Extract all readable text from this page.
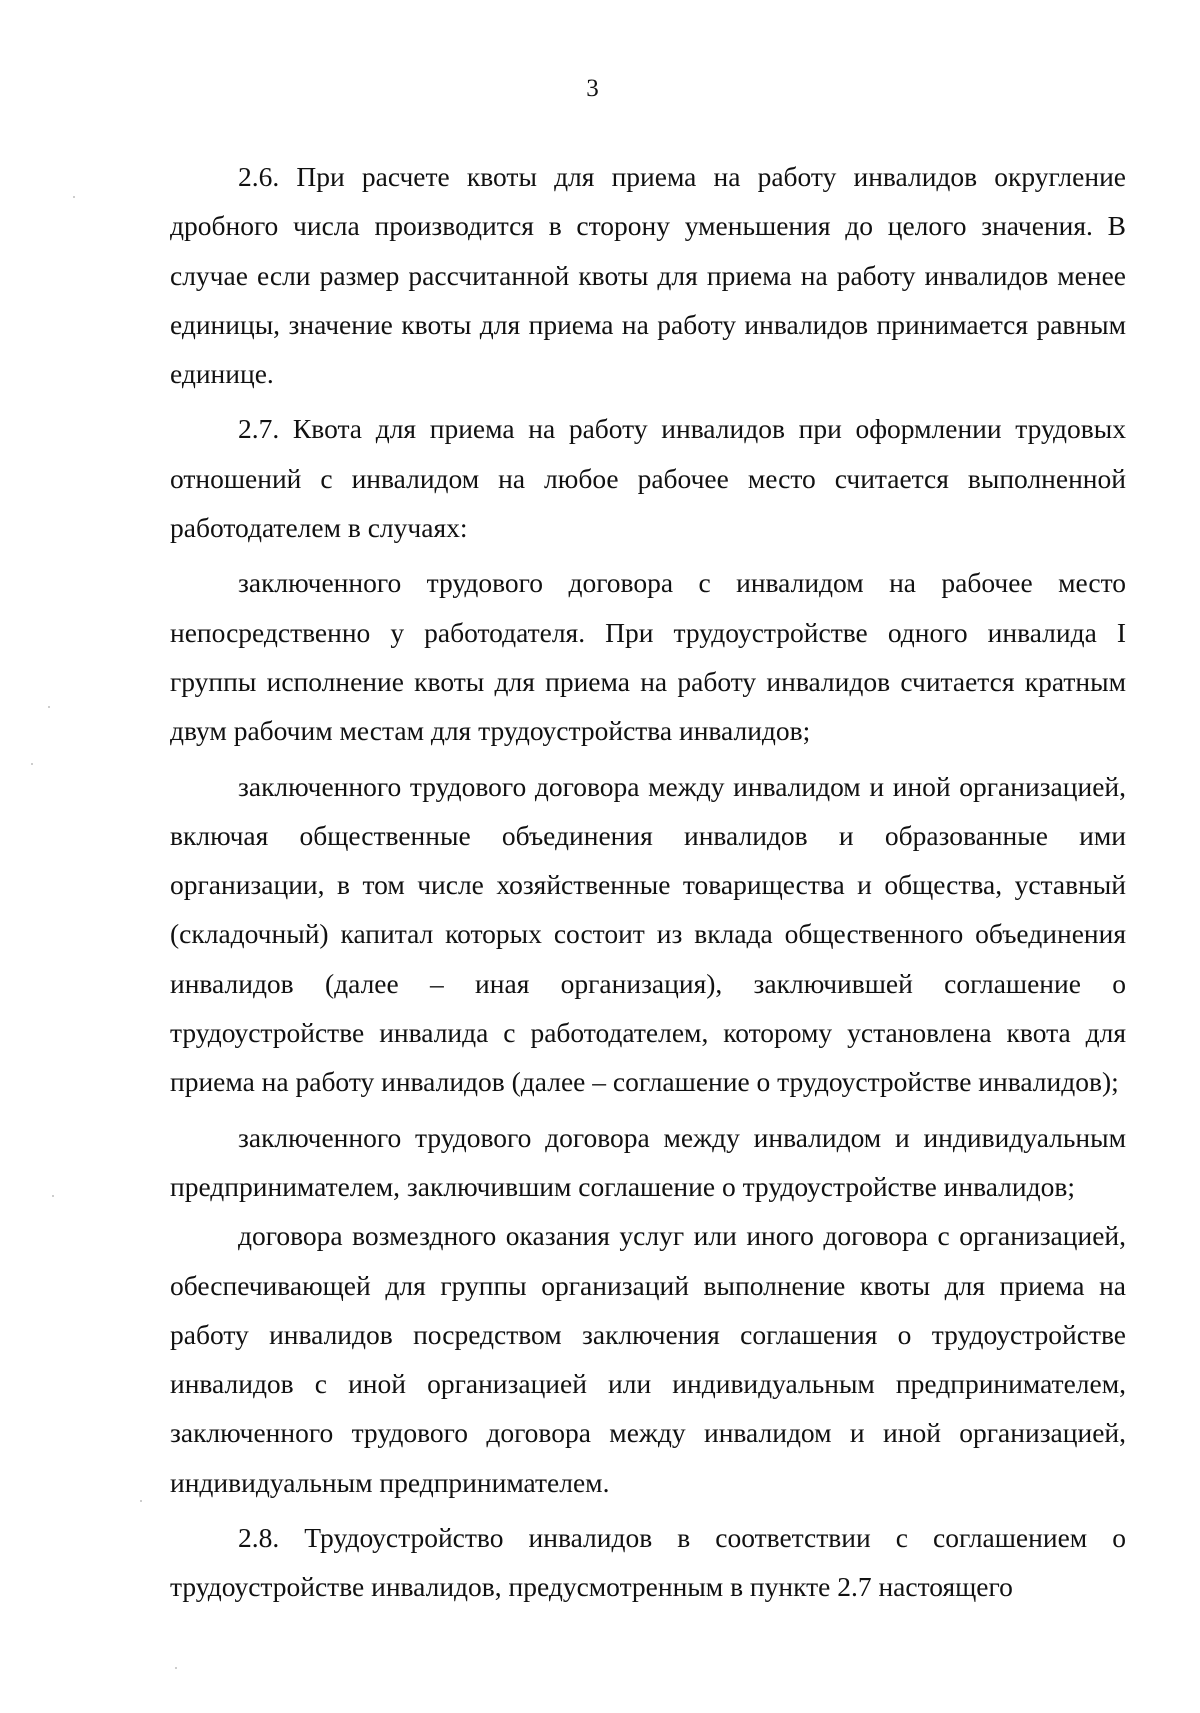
3

2.6. При расчете квоты для приема на работу инвалидов округление дробного числа производится в сторону уменьшения до целого значения. В случае если размер рассчитанной квоты для приема на работу инвалидов менее единицы, значение квоты для приема на работу инвалидов принимается равным единице.

2.7. Квота для приема на работу инвалидов при оформлении трудовых отношений с инвалидом на любое рабочее место считается выполненной работодателем в случаях:

заключенного трудового договора с инвалидом на рабочее место непосредственно у работодателя. При трудоустройстве одного инвалида I группы исполнение квоты для приема на работу инвалидов считается кратным двум рабочим местам для трудоустройства инвалидов;

заключенного трудового договора между инвалидом и иной организацией, включая общественные объединения инвалидов и образованные ими организации, в том числе хозяйственные товарищества и общества, уставный (складочный) капитал которых состоит из вклада общественного объединения инвалидов (далее – иная организация), заключившей соглашение о трудоустройстве инвалида с работодателем, которому установлена квота для приема на работу инвалидов (далее – соглашение о трудоустройстве инвалидов);

заключенного трудового договора между инвалидом и индивидуальным предпринимателем, заключившим соглашение о трудоустройстве инвалидов;

договора возмездного оказания услуг или иного договора с организацией, обеспечивающей для группы организаций выполнение квоты для приема на работу инвалидов посредством заключения соглашения о трудоустройстве инвалидов с иной организацией или индивидуальным предпринимателем, заключенного трудового договора между инвалидом и иной организацией, индивидуальным предпринимателем.

2.8. Трудоустройство инвалидов в соответствии с соглашением о трудоустройстве инвалидов, предусмотренным в пункте 2.7 настоящего
